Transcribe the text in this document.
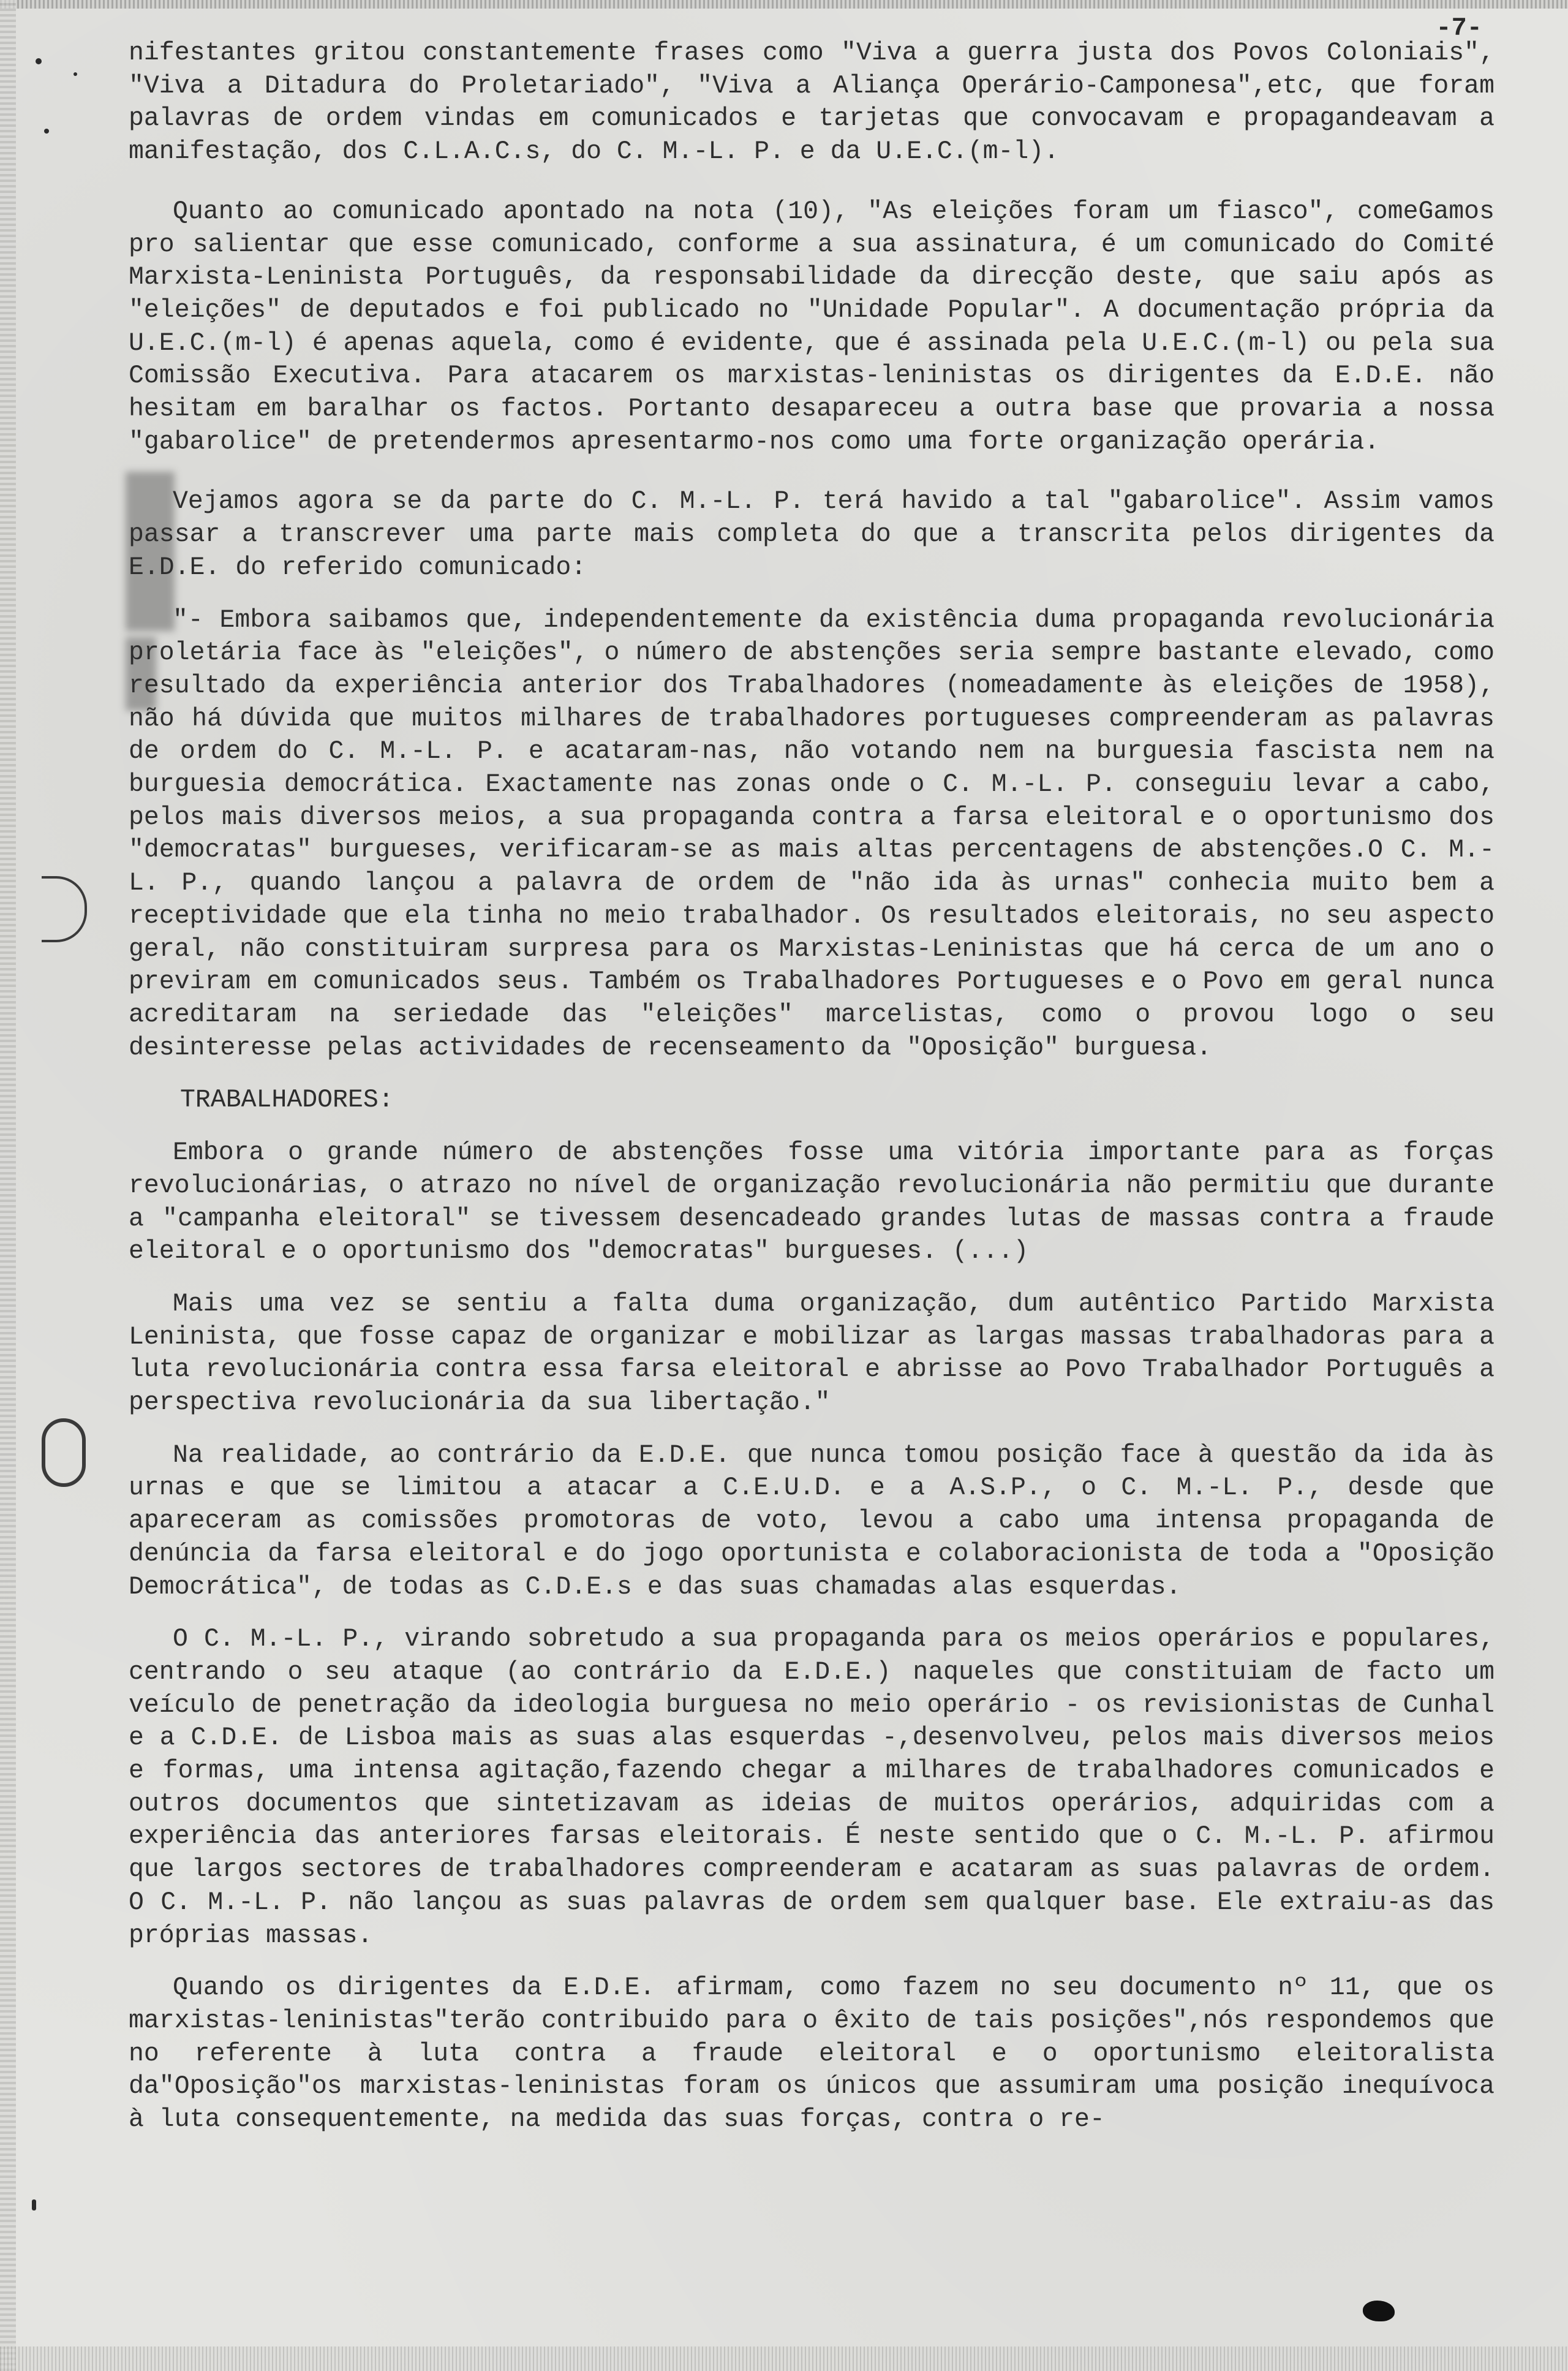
-7-

nifestantes gritou constantemente frases como "Viva a guerra justa dos Povos Coloniais", "Viva a Ditadura do Proletariado", "Viva a Aliança Operário-Camponesa",etc, que foram palavras de ordem vindas em comunicados e tarjetas que convocavam e propagandeavam a manifestação, dos C.L.A.C.s, do C. M.-L. P. e da U.E.C.(m-l).

Quanto ao comunicado apontado na nota (10), "As eleições foram um fiasco", comeGamos pro salientar que esse comunicado, conforme a sua assinatura, é um comunicado do Comité Marxista-Leninista Português, da responsabilidade da direcção deste, que saiu após as "eleições" de deputados e foi publicado no "Unidade Popular". A documentação própria da U.E.C.(m-l) é apenas aquela, como é evidente, que é assinada pela U.E.C.(m-l) ou pela sua Comissão Executiva. Para atacarem os marxistas-leninistas os dirigentes da E.D.E. não hesitam em baralhar os factos. Portanto desapareceu a outra base que provaria a nossa "gabarolice" de pretendermos apresentarmo-nos como uma forte organização operária.

Vejamos agora se da parte do C. M.-L. P. terá havido a tal "gabarolice". Assim vamos passar a transcrever uma parte mais completa do que a transcrita pelos dirigentes da E.D.E. do referido comunicado:

"- Embora saibamos que, independentemente da existência duma propaganda revolucionária proletária face às "eleições", o número de abstenções seria sempre bastante elevado, como resultado da experiência anterior dos Trabalhadores (nomeadamente às eleições de 1958), não há dúvida que muitos milhares de trabalhadores portugueses compreenderam as palavras de ordem do C. M.-L. P. e acataram-nas, não votando nem na burguesia fascista nem na burguesia democrática. Exactamente nas zonas onde o C. M.-L. P. conseguiu levar a cabo, pelos mais diversos meios, a sua propaganda contra a farsa eleitoral e o oportunismo dos "democratas" burgueses, verificaram-se as mais altas percentagens de abstenções.O C. M.-L. P., quando lançou a palavra de ordem de "não ida às urnas" conhecia muito bem a receptividade que ela tinha no meio trabalhador. Os resultados eleitorais, no seu aspecto geral, não constituiram surpresa para os Marxistas-Leninistas que há cerca de um ano o previram em comunicados seus. Também os Trabalhadores Portugueses e o Povo em geral nunca acreditaram na seriedade das "eleições" marcelistas, como o provou logo o seu desinteresse pelas actividades de recenseamento da "Oposição" burguesa.

TRABALHADORES:

Embora o grande número de abstenções fosse uma vitória importante para as forças revolucionárias, o atrazo no nível de organização revolucionária não permitiu que durante a "campanha eleitoral" se tivessem desencadeado grandes lutas de massas contra a fraude eleitoral e o oportunismo dos "democratas" burgueses. (...)

Mais uma vez se sentiu a falta duma organização, dum autêntico Partido Marxista Leninista, que fosse capaz de organizar e mobilizar as largas massas trabalhadoras para a luta revolucionária contra essa farsa eleitoral e abrisse ao Povo Trabalhador Português a perspectiva revolucionária da sua libertação."

Na realidade, ao contrário da E.D.E. que nunca tomou posição face à questão da ida às urnas e que se limitou a atacar a C.E.U.D. e a A.S.P., o C. M.-L. P., desde que apareceram as comissões promotoras de voto, levou a cabo uma intensa propaganda de denúncia da farsa eleitoral e do jogo oportunista e colaboracionista de toda a "Oposição Democrática", de todas as C.D.E.s e das suas chamadas alas esquerdas.

O C. M.-L. P., virando sobretudo a sua propaganda para os meios operários e populares, centrando o seu ataque (ao contrário da E.D.E.) naqueles que constituiam de facto um veículo de penetração da ideologia burguesa no meio operário - os revisionistas de Cunhal e a C.D.E. de Lisboa mais as suas alas esquerdas -,desenvolveu, pelos mais diversos meios e formas, uma intensa agitação,fazendo chegar a milhares de trabalhadores comunicados e outros documentos que sintetizavam as ideias de muitos operários, adquiridas com a experiência das anteriores farsas eleitorais. É neste sentido que o C. M.-L. P. afirmou que largos sectores de trabalhadores compreenderam e acataram as suas palavras de ordem. O C. M.-L. P. não lançou as suas palavras de ordem sem qualquer base. Ele extraiu-as das próprias massas.

Quando os dirigentes da E.D.E. afirmam, como fazem no seu documento nº 11, que os marxistas-leninistas"terão contribuido para o êxito de tais posições",nós respondemos que no referente à luta contra a fraude eleitoral e o oportunismo eleitoralista da"Oposição"os marxistas-leninistas foram os únicos que assumiram uma posição inequívoca à luta consequentemente, na medida das suas forças, contra o re-
